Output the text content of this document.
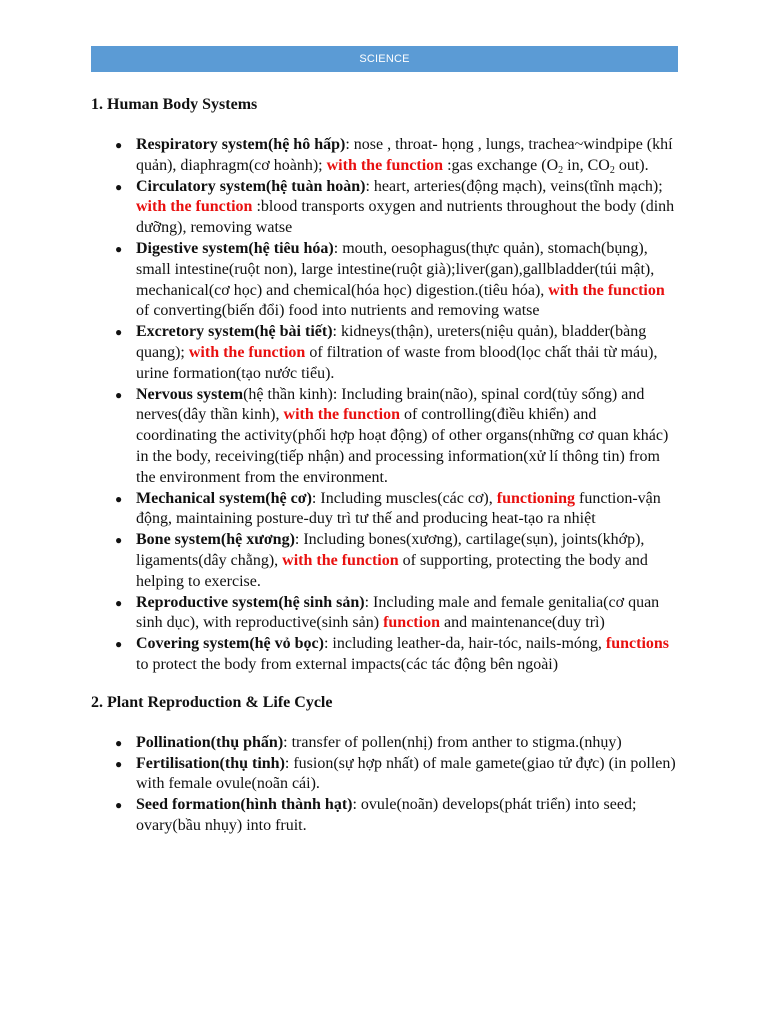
SCIENCE
1. Human Body Systems
● Respiratory system(hệ hô hấp): nose , throat- họng , lungs, trachea~windpipe (khí quản), diaphragm(cơ hoành); with the function :gas exchange ($O_2$ in, $CO_2$ out).
● Circulatory system(hệ tuàn hoàn): heart, arteries(động mạch), veins(tĩnh mạch); with the function :blood transports oxygen and nutrients throughout the body (dinh dưỡng), removing watse
● Digestive system(hệ tiêu hóa): mouth, oesophagus(thực quản), stomach(bụng), small intestine(ruột non), large intestine(ruột già);liver(gan),gallbladder(túi mật), mechanical(cơ học) and chemical(hóa học) digestion.(tiêu hóa), with the function of converting(biến đổi) food into nutrients and removing watse
● Excretory system(hệ bài tiết): kidneys(thận), ureters(niệu quản), bladder(bàng quang); with the function of filtration of waste from blood(lọc chất thải từ máu), urine formation(tạo nước tiểu).
● Nervous system(hệ thần kinh): Including brain(não), spinal cord(tủy sống) and nerves(dây thần kinh), with the function of controlling(điều khiển) and coordinating the activity(phối hợp hoạt động) of other organs(những cơ quan khác) in the body, receiving(tiếp nhận) and processing information(xử lí thông tin) from the environment from the environment.
● Mechanical system(hệ cơ): Including muscles(các cơ), functioning function-vận động, maintaining posture-duy trì tư thế and producing heat-tạo ra nhiệt
● Bone system(hệ xương): Including bones(xương), cartilage(sụn), joints(khớp), ligaments(dây chằng), with the function of supporting, protecting the body and helping to exercise.
● Reproductive system(hệ sinh sản): Including male and female genitalia(cơ quan sinh dục), with reproductive(sinh sản) function and maintenance(duy trì)
● Covering system(hệ vỏ bọc): including leather-da, hair-tóc, nails-móng, functions to protect the body from external impacts(các tác động bên ngoài)
2. Plant Reproduction & Life Cycle
● Pollination(thụ phấn): transfer of pollen(nhị) from anther to stigma.(nhụy)
● Fertilisation(thụ tinh): fusion(sự hợp nhất) of male gamete(giao tử đực) (in pollen) with female ovule(noãn cái).
● Seed formation(hình thành hạt): ovule(noãn) develops(phát triển) into seed; ovary(bầu nhụy) into fruit.
